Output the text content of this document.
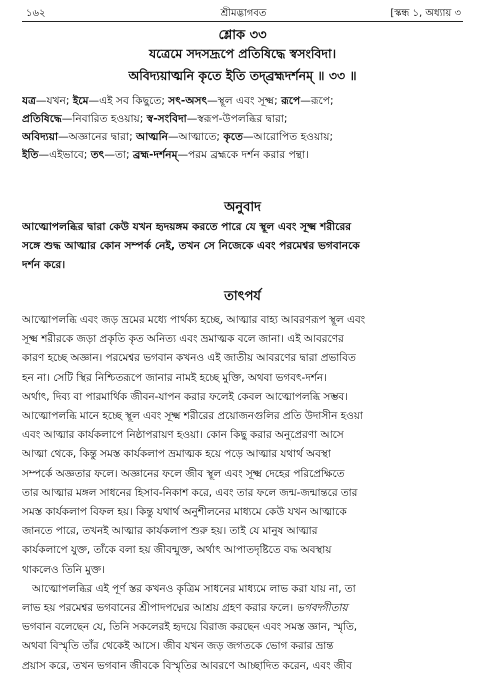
১৬২	শ্রীমদ্ভাগবত	[স্কন্ধ ১, অধ্যায় ৩
শ্লোক ৩৩
যত্রেমে সদসদ্রূপে প্রতিষিদ্ধে স্বসংবিদা।
অবিদ্যয়াত্মনি কৃতে ইতি তদ্‌ব্রহ্মদর্শনম্‌ ॥ ৩৩ ॥

যত্র—যখন; ইমে—এই সব কিছুতে; সৎ-অসৎ—স্থূল এবং সূক্ষ্ম; রূপে—রূপে;

প্রতিষিদ্ধে—নিবারিত হওয়ায়; স্ব-সংবিদা—স্বরূপ-উপলব্ধির দ্বারা;

অবিদ্যয়া—অজ্ঞানের দ্বারা; আত্মনি—আত্মাতে; কৃতে—আরোপিত হওয়ায়;

ইতি—এইভাবে; তৎ—তা; ব্রহ্ম-দর্শনম্‌—পরম ব্রহ্মকে দর্শন করার পন্থা।

অনুবাদ

আত্মোপলব্ধির দ্বারা কেউ যখন হৃদয়ঙ্গম করতে পারে যে স্থূল এবং সূক্ষ্ম শরীরের

সঙ্গে শুদ্ধ আত্মার কোন সম্পর্ক নেই, তখন সে নিজেকে এবং পরমেশ্বর ভগবানকে

দর্শন করে।

তাৎপর্য

আত্মোপলব্ধি এবং জড় ভ্রমের মধ্যে পার্থক্য হচ্ছে, আত্মার বাহ্য আবরণরূপ স্থূল এবং

সূক্ষ্ম শরীরকে জড়া প্রকৃতি কৃত অনিত্য এবং ভ্রমাত্মক বলে জানা। এই আবরণের

কারণ হচ্ছে অজ্ঞান। পরমেশ্বর ভগবান কখনও এই জাতীয় আবরণের দ্বারা প্রভাবিত

হন না। সেটি স্থির নিশ্চিতরূপে জানার নামই হচ্ছে মুক্তি, অথবা ভগবৎ-দর্শন।

অর্থাৎ, দিব্য বা পারমার্থিক জীবন-যাপন করার ফলেই কেবল আত্মোপলব্ধি সম্ভব।

আত্মোপলব্ধি মানে হচ্ছে স্থূল এবং সূক্ষ্ম শরীরের প্রয়োজনগুলির প্রতি উদাসীন হওয়া

এবং আত্মার কার্যকলাপে নিষ্ঠাপরায়ণ হওয়া। কোন কিছু করার অনুপ্রেরণা আসে

আত্মা থেকে, কিন্তু সমস্ত কার্যকলাপ ভ্রমাত্মক হয়ে পড়ে আত্মার যথার্থ অবস্থা

সম্পর্কে অজ্ঞতার ফলে। অজ্ঞানের ফলে জীব স্থূল এবং সূক্ষ্ম দেহের পরিপ্রেক্ষিতে

তার আত্মার মঙ্গল সাধনের হিসাব-নিকাশ করে, এবং তার ফলে জন্ম-জন্মান্তরে তার

সমস্ত কার্যকলাপ বিফল হয়। কিন্তু যথার্থ অনুশীলনের মাধ্যমে কেউ যখন আত্মাকে

জানতে পারে, তখনই আত্মার কার্যকলাপ শুরু হয়। তাই যে মানুষ আত্মার

কার্যকলাপে যুক্ত, তাঁকে বলা হয় জীবন্মুক্ত, অর্থাৎ আপাতদৃষ্টিতে বদ্ধ অবস্থায়

থাকলেও তিনি মুক্ত।

আত্মোপলব্ধির এই পূর্ণ স্তর কখনও কৃত্রিম সাধনের মাধ্যমে লাভ করা যায় না, তা

লাভ হয় পরমেশ্বর ভগবানের শ্রীপাদপদ্মের আশ্রয় গ্রহণ করার ফলে। ভগবদ্গীতায়

ভগবান বলেছেন যে, তিনি সকলেরই হৃদয়ে বিরাজ করছেন এবং সমস্ত জ্ঞান, স্মৃতি,

অথবা বিস্মৃতি তাঁর থেকেই আসে। জীব যখন জড় জগতকে ভোগ করার ভ্রান্ত

প্রয়াস করে, তখন ভগবান জীবকে বিস্মৃতির আবরণে আচ্ছাদিত করেন, এবং জীব
